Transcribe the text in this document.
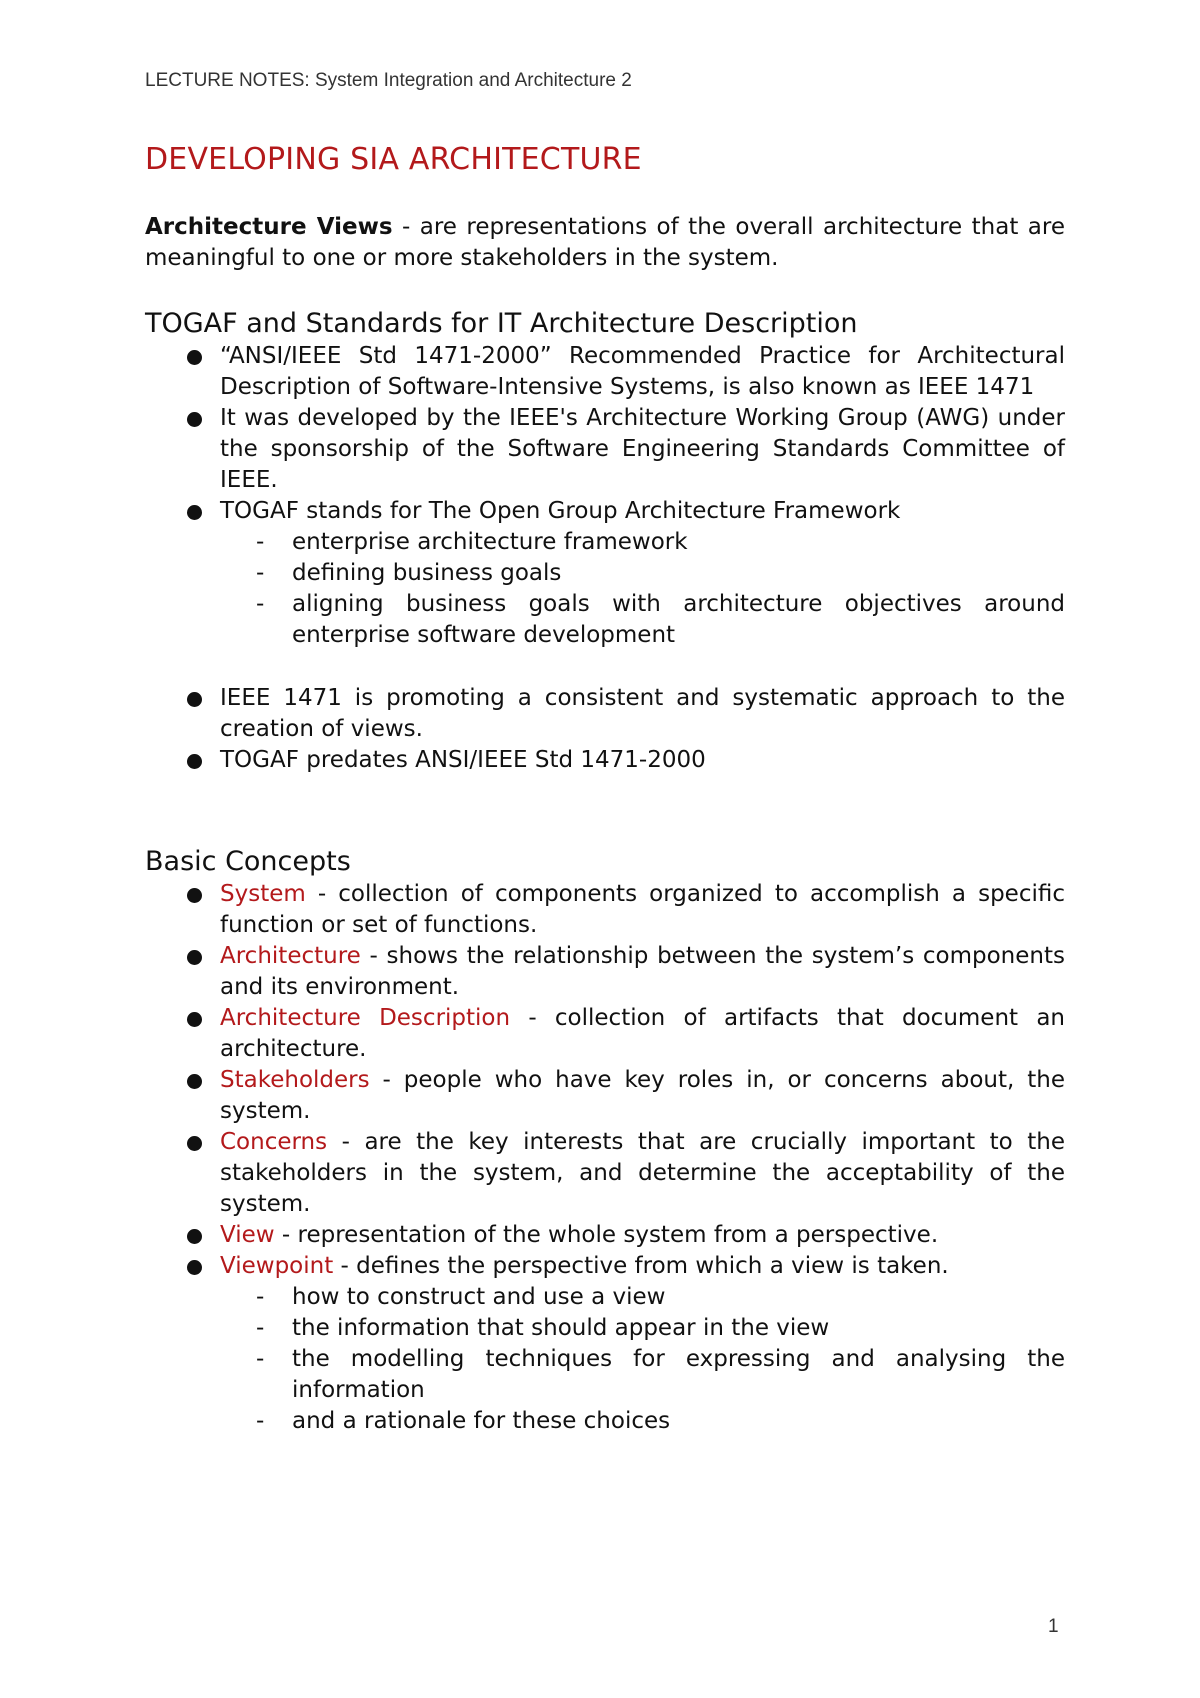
LECTURE NOTES: System Integration and Architecture 2
DEVELOPING SIA ARCHITECTURE
Architecture Views - are representations of the overall architecture that are meaningful to one or more stakeholders in the system.
TOGAF and Standards for IT Architecture Description
“ANSI/IEEE Std 1471-2000” Recommended Practice for Architectural Description of Software-Intensive Systems, is also known as IEEE 1471
It was developed by the IEEE's Architecture Working Group (AWG) under the sponsorship of the Software Engineering Standards Committee of IEEE.
TOGAF stands for The Open Group Architecture Framework
- enterprise architecture framework
- defining business goals
- aligning business goals with architecture objectives around enterprise software development
IEEE 1471 is promoting a consistent and systematic approach to the creation of views.
TOGAF predates ANSI/IEEE Std 1471-2000
Basic Concepts
System - collection of components organized to accomplish a specific function or set of functions.
Architecture - shows the relationship between the system’s components and its environment.
Architecture Description - collection of artifacts that document an architecture.
Stakeholders - people who have key roles in, or concerns about, the system.
Concerns - are the key interests that are crucially important to the stakeholders in the system, and determine the acceptability of the system.
View - representation of the whole system from a perspective.
Viewpoint - defines the perspective from which a view is taken.
- how to construct and use a view
- the information that should appear in the view
- the modelling techniques for expressing and analysing the information
- and a rationale for these choices
1
